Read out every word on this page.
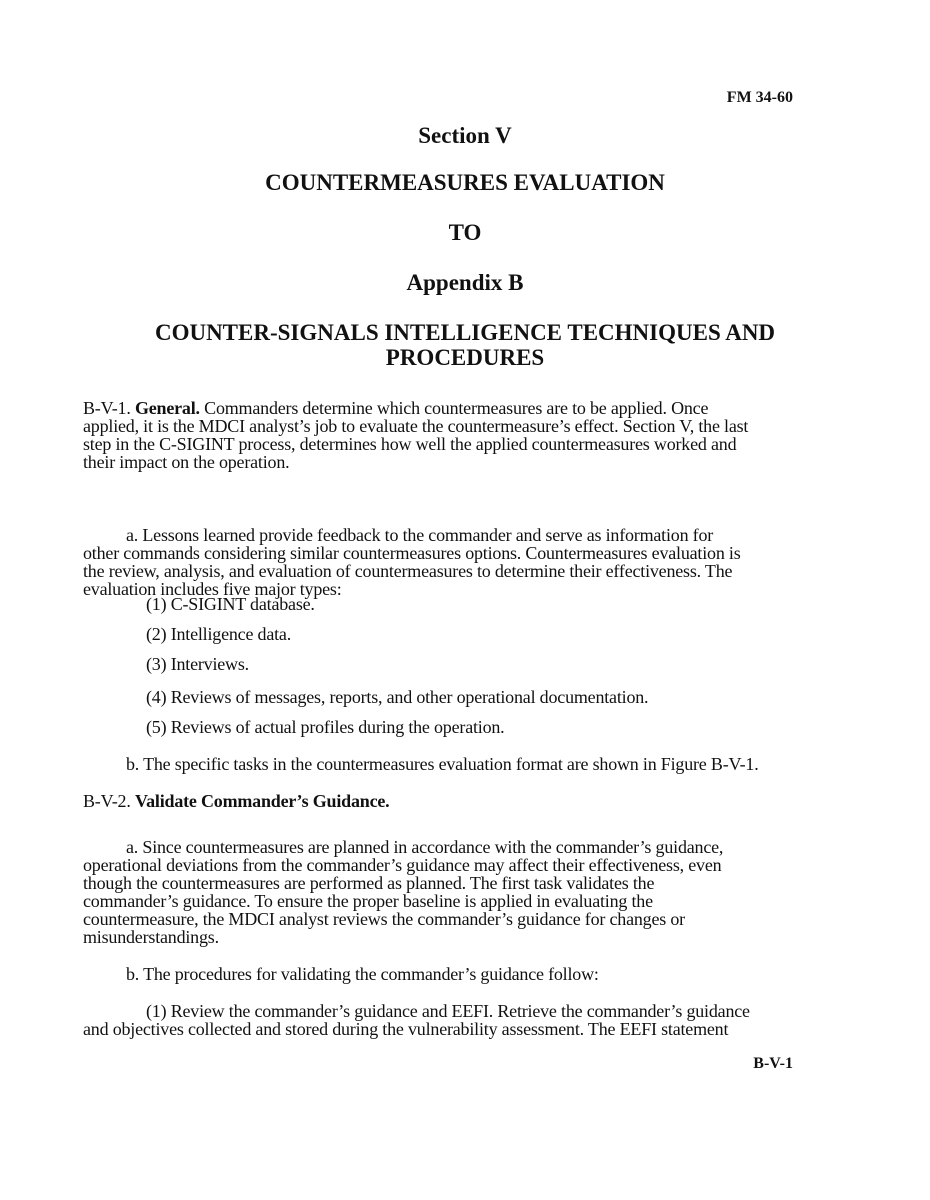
FM 34-60
Section V
COUNTERMEASURES EVALUATION
TO
Appendix B
COUNTER-SIGNALS INTELLIGENCE TECHNIQUES AND
PROCEDURES
B-V-1. General. Commanders determine which countermeasures are to be applied. Once
applied, it is the MDCI analyst’s job to evaluate the countermeasure’s effect. Section V, the last
step in the C-SIGINT process, determines how well the applied countermeasures worked and
their impact on the operation.
a. Lessons learned provide feedback to the commander and serve as information for
other commands considering similar countermeasures options. Countermeasures evaluation is
the review, analysis, and evaluation of countermeasures to determine their effectiveness. The
evaluation includes five major types:
(1) C-SIGINT database.
(2) Intelligence data.
(3) Interviews.
(4) Reviews of messages, reports, and other operational documentation.
(5) Reviews of actual profiles during the operation.
b. The specific tasks in the countermeasures evaluation format are shown in Figure B-V-1.
B-V-2. Validate Commander’s Guidance.
a. Since countermeasures are planned in accordance with the commander’s guidance,
operational deviations from the commander’s guidance may affect their effectiveness, even
though the countermeasures are performed as planned. The first task validates the
commander’s guidance. To ensure the proper baseline is applied in evaluating the
countermeasure, the MDCI analyst reviews the commander’s guidance for changes or
misunderstandings.
b. The procedures for validating the commander’s guidance follow:
(1) Review the commander’s guidance and EEFI. Retrieve the commander’s guidance
and objectives collected and stored during the vulnerability assessment. The EEFI statement
B-V-1
